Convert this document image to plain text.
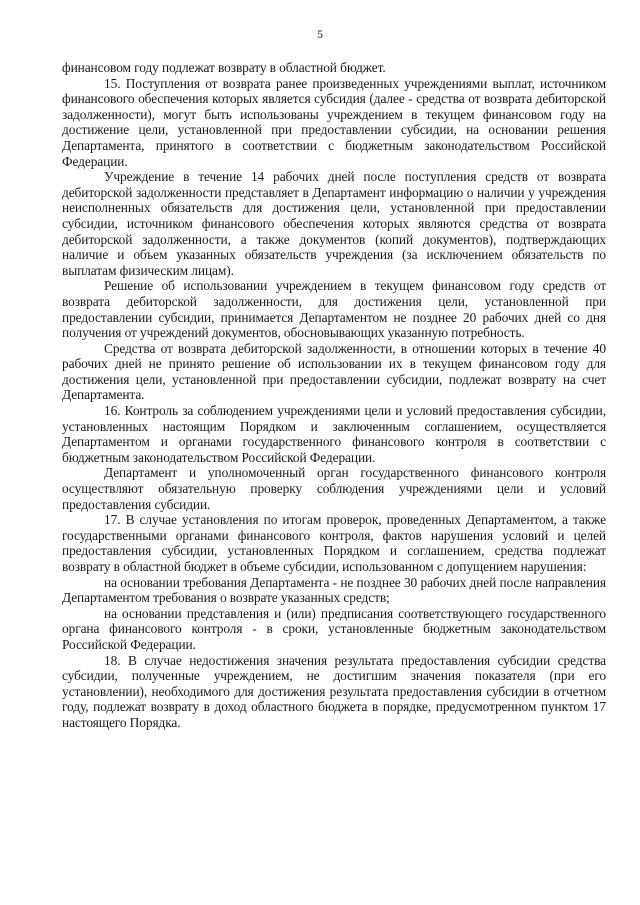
5

финансовом году подлежат возврату в областной бюджет.

15. Поступления от возврата ранее произведенных учреждениями выплат, источником финансового обеспечения которых является субсидия (далее - средства от возврата дебиторской задолженности), могут быть использованы учреждением в текущем финансовом году на достижение цели, установленной при предоставлении субсидии, на основании решения Департамента, принятого в соответствии с бюджетным законодательством Российской Федерации.

Учреждение в течение 14 рабочих дней после поступления средств от возврата дебиторской задолженности представляет в Департамент информацию о наличии у учреждения неисполненных обязательств для достижения цели, установленной при предоставлении субсидии, источником финансового обеспечения которых являются средства от возврата дебиторской задолженности, а также документов (копий документов), подтверждающих наличие и объем указанных обязательств учреждения (за исключением обязательств по выплатам физическим лицам).

Решение об использовании учреждением в текущем финансовом году средств от возврата дебиторской задолженности, для достижения цели, установленной при предоставлении субсидии, принимается Департаментом не позднее 20 рабочих дней со дня получения от учреждений документов, обосновывающих указанную потребность.

Средства от возврата дебиторской задолженности, в отношении которых в течение 40 рабочих дней не принято решение об использовании их в текущем финансовом году для достижения цели, установленной при предоставлении субсидии, подлежат возврату на счет Департамента.

16. Контроль за соблюдением учреждениями цели и условий предоставления субсидии, установленных настоящим Порядком и заключенным соглашением, осуществляется Департаментом и органами государственного финансового контроля в соответствии с бюджетным законодательством Российской Федерации.

Департамент и уполномоченный орган государственного финансового контроля осуществляют обязательную проверку соблюдения учреждениями цели и условий предоставления субсидии.

17. В случае установления по итогам проверок, проведенных Департаментом, а также государственными органами финансового контроля, фактов нарушения условий и целей предоставления субсидии, установленных Порядком и соглашением, средства подлежат возврату в областной бюджет в объеме субсидии, использованном с допущением нарушения:

на основании требования Департамента - не позднее 30 рабочих дней после направления Департаментом требования о возврате указанных средств;

на основании представления и (или) предписания соответствующего государственного органа финансового контроля - в сроки, установленные бюджетным законодательством Российской Федерации.

18. В случае недостижения значения результата предоставления субсидии средства субсидии, полученные учреждением, не достигшим значения показателя (при его установлении), необходимого для достижения результата предоставления субсидии в отчетном году, подлежат возврату в доход областного бюджета в порядке, предусмотренном пунктом 17 настоящего Порядка.
